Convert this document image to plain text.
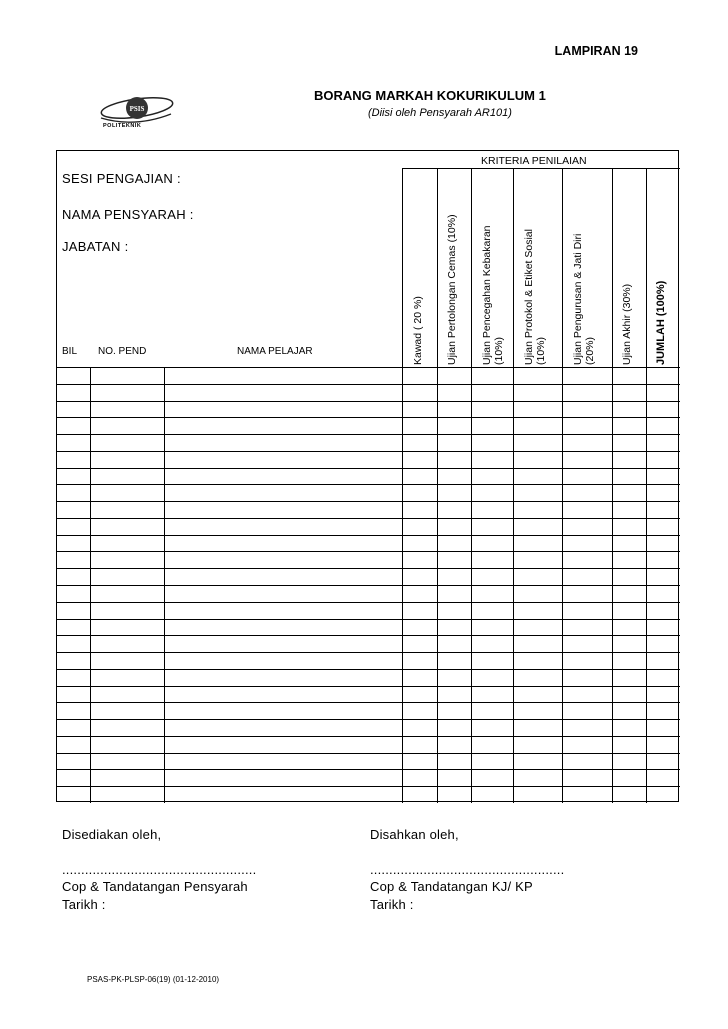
LAMPIRAN 19
PSIS
POLITEKNIK
BORANG MARKAH KOKURIKULUM 1
(Diisi oleh Pensyarah AR101)
SESI PENGAJIAN :
NAMA PENSYARAH :
JABATAN :
KRITERIA PENILAIAN
BIL NO. PEND	NAMA PELAJAR	Kawad ( 20 %) Ujian Pertolongan Cemas (10%) Ujian Pencegahan Kebakaran
(10%) Ujian Protokol & Etiket Sosial
(10%) Ujian Pengurusan & Jati Diri
(20%) Ujian Akhir (30%) JUMLAH (100%)
Disediakan oleh,
...................................................
Cop & Tandatangan Pensyarah
Tarikh :
Disahkan oleh,
...................................................
Cop & Tandatangan KJ/ KP
Tarikh :
PSAS-PK-PLSP-06(19) (01-12-2010)
